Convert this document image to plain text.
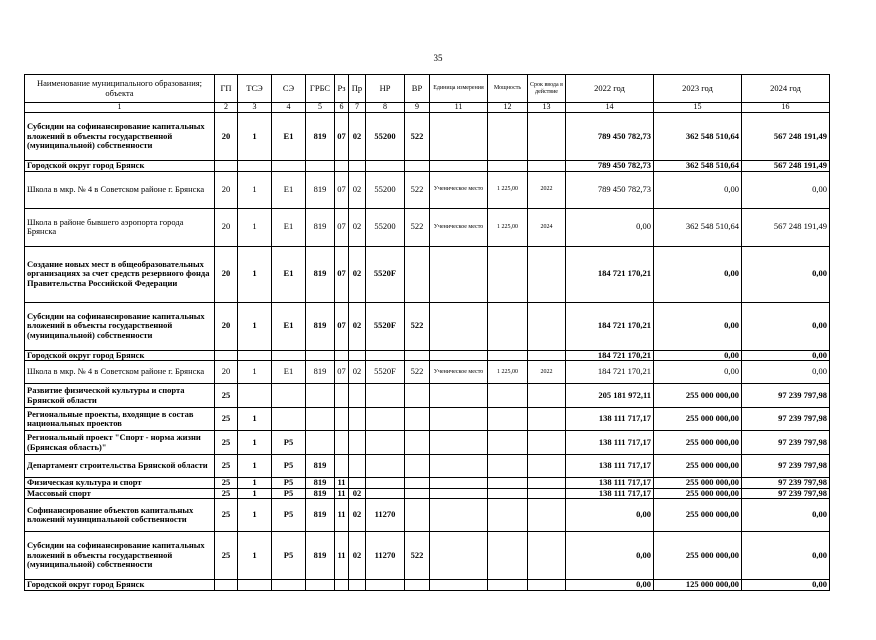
35
Наименование муниципального образования; объекта	ГП	ТСЭ	СЭ	ГРБС	Рз	Пр	НР	ВР	Единица измерения	Мощность	Срок ввода в действие	2022 год	2023 год	2024 год
1	2	3	4	5	6	7	8	9	11	12	13	14	15	16
Субсидии на софинансирование капитальных вложений в объекты государственной (муниципальной) собственности	20	1	Е1	819	07	02	55200	522				789 450 782,73	362 548 510,64	567 248 191,49
Городской округ город Брянск												789 450 782,73	362 548 510,64	567 248 191,49
Школа в мкр. № 4 в Советском районе г. Брянска	20	1	Е1	819	07	02	55200	522	Ученическое место	1 225,00	2022	789 450 782,73	0,00	0,00
Школа в районе бывшего аэропорта города Брянска	20	1	Е1	819	07	02	55200	522	Ученическое место	1 225,00	2024	0,00	362 548 510,64	567 248 191,49
Создание новых мест в общеобразовательных организациях за счет средств резервного фонда Правительства Российской Федерации	20	1	Е1	819	07	02	5520F					184 721 170,21	0,00	0,00
Субсидии на софинансирование капитальных вложений в объекты государственной (муниципальной) собственности	20	1	Е1	819	07	02	5520F	522				184 721 170,21	0,00	0,00
Городской округ город Брянск												184 721 170,21	0,00	0,00
Школа в мкр. № 4 в Советском районе г. Брянска	20	1	Е1	819	07	02	5520F	522	Ученическое место	1 225,00	2022	184 721 170,21	0,00	0,00
Развитие физической культуры и спорта Брянской области	25											205 181 972,11	255 000 000,00	97 239 797,98
Региональные проекты, входящие в состав национальных проектов	25	1										138 111 717,17	255 000 000,00	97 239 797,98
Региональный проект "Спорт - норма жизни (Брянская область)"	25	1	Р5									138 111 717,17	255 000 000,00	97 239 797,98
Департамент строительства Брянской области	25	1	Р5	819								138 111 717,17	255 000 000,00	97 239 797,98
Физическая культура и спорт	25	1	Р5	819	11							138 111 717,17	255 000 000,00	97 239 797,98
Массовый спорт	25	1	Р5	819	11	02						138 111 717,17	255 000 000,00	97 239 797,98
Софинансирование объектов капитальных вложений муниципальной собственности	25	1	Р5	819	11	02	11270					0,00	255 000 000,00	0,00
Субсидии на софинансирование капитальных вложений в объекты государственной (муниципальной) собственности	25	1	Р5	819	11	02	11270	522				0,00	255 000 000,00	0,00
Городской округ город Брянск												0,00	125 000 000,00	0,00
